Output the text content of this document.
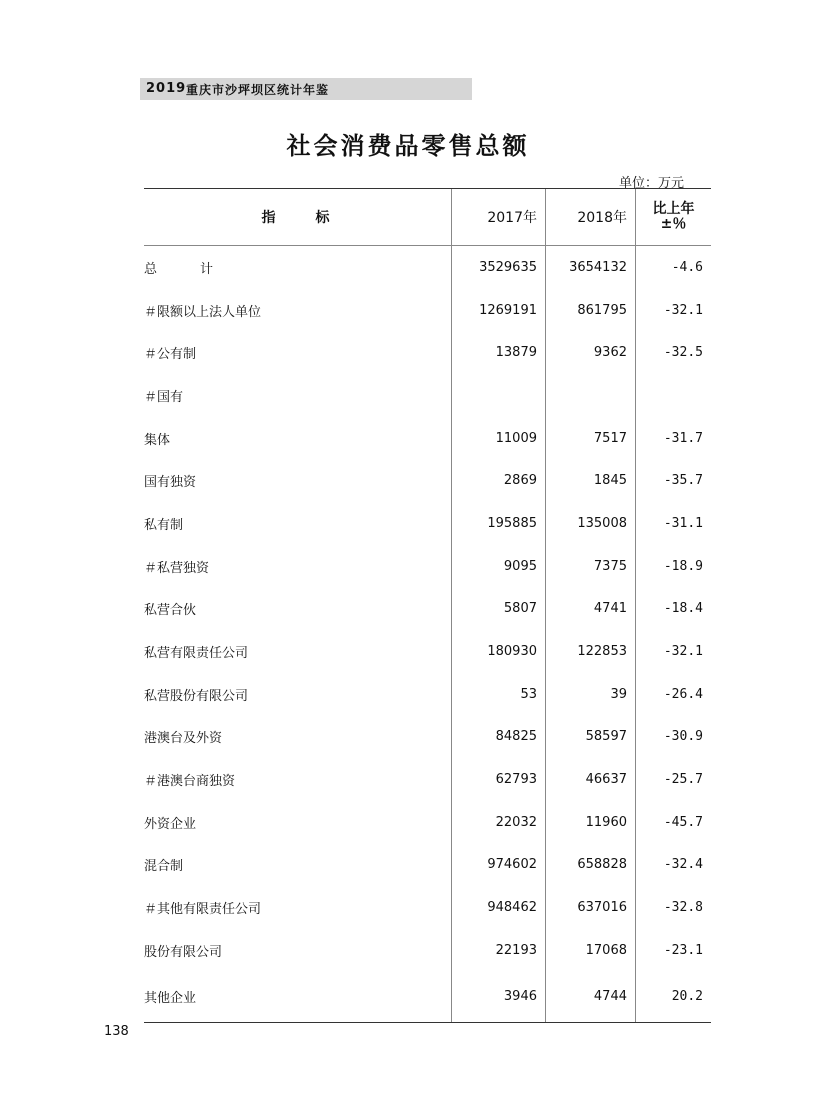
2019 重庆市沙坪坝区统计年鉴
社会消费品零售总额
单位：万元
指　　标	2017年	2018年	比上年
±％

总　　　计	3529635	3654132	-4.6
＃限额以上法人单位	1269191	861795	-32.1
＃公有制	13879	9362	-32.5
＃国有			
集体	11009	7517	-31.7
国有独资	2869	1845	-35.7
私有制	195885	135008	-31.1
＃私营独资	9095	7375	-18.9
私营合伙	5807	4741	-18.4
私营有限责任公司	180930	122853	-32.1
私营股份有限公司	53	39	-26.4
港澳台及外资	84825	58597	-30.9
＃港澳台商独资	62793	46637	-25.7
外资企业	22032	11960	-45.7
混合制	974602	658828	-32.4
＃其他有限责任公司	948462	637016	-32.8
股份有限公司	22193	17068	-23.1
其他企业	3946	4744	20.2
138
